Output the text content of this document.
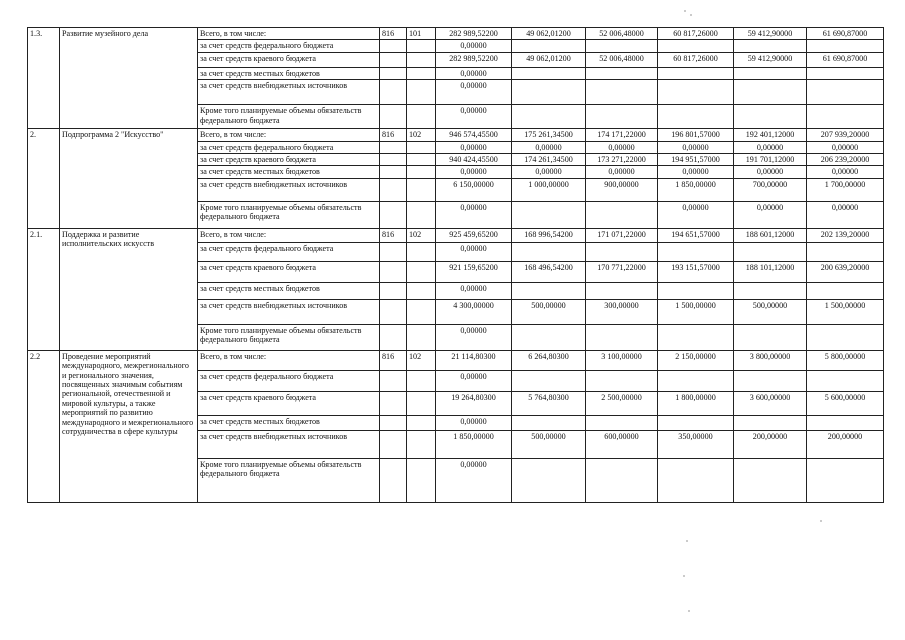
1.3.	Развитие музейного дела	Всего, в том числе:	816	101	282 989,52200	49 062,01200	52 006,48000	60 817,26000	59 412,90000	61 690,87000
		за счет средств федерального бюджета			0,00000					
		за счет средств краевого бюджета			282 989,52200	49 062,01200	52 006,48000	60 817,26000	59 412,90000	61 690,87000
		за счет средств местных бюджетов			0,00000					
		за счет средств внебюджетных источников			0,00000					
		Кроме того планируемые объемы обязательств федерального бюджета			0,00000					
2.	Подпрограмма 2 "Искусство"	Всего, в том числе:	816	102	946 574,45500	175 261,34500	174 171,22000	196 801,57000	192 401,12000	207 939,20000
		за счет средств федерального бюджета			0,00000	0,00000	0,00000	0,00000	0,00000	0,00000
		за счет средств краевого бюджета			940 424,45500	174 261,34500	173 271,22000	194 951,57000	191 701,12000	206 239,20000
		за счет средств местных бюджетов			0,00000	0,00000	0,00000	0,00000	0,00000	0,00000
		за счет средств внебюджетных источников			6 150,00000	1 000,00000	900,00000	1 850,00000	700,00000	1 700,00000
		Кроме того планируемые объемы обязательств федерального бюджета			0,00000			0,00000	0,00000	0,00000
2.1.	Поддержка и развитие исполнительских искусств	Всего, в том числе:	816	102	925 459,65200	168 996,54200	171 071,22000	194 651,57000	188 601,12000	202 139,20000
		за счет средств федерального бюджета			0,00000					
		за счет средств краевого бюджета			921 159,65200	168 496,54200	170 771,22000	193 151,57000	188 101,12000	200 639,20000
		за счет средств местных бюджетов			0,00000					
		за счет средств внебюджетных источников			4 300,00000	500,00000	300,00000	1 500,00000	500,00000	1 500,00000
		Кроме того планируемые объемы обязательств федерального бюджета			0,00000					
2.2	Проведение мероприятий международного, межрегионального и регионального значения, посвященных значимым событиям региональной, отечественной и мировой культуры, а также мероприятий по развитию международного и межрегионального сотрудничества в сфере культуры	Всего, в том числе:	816	102	21 114,80300	6 264,80300	3 100,00000	2 150,00000	3 800,00000	5 800,00000
		за счет средств федерального бюджета			0,00000					
		за счет средств краевого бюджета			19 264,80300	5 764,80300	2 500,00000	1 800,00000	3 600,00000	5 600,00000
		за счет средств местных бюджетов			0,00000					
		за счет средств внебюджетных источников			1 850,00000	500,00000	600,00000	350,00000	200,00000	200,00000
		Кроме того планируемые объемы обязательств федерального бюджета			0,00000					
